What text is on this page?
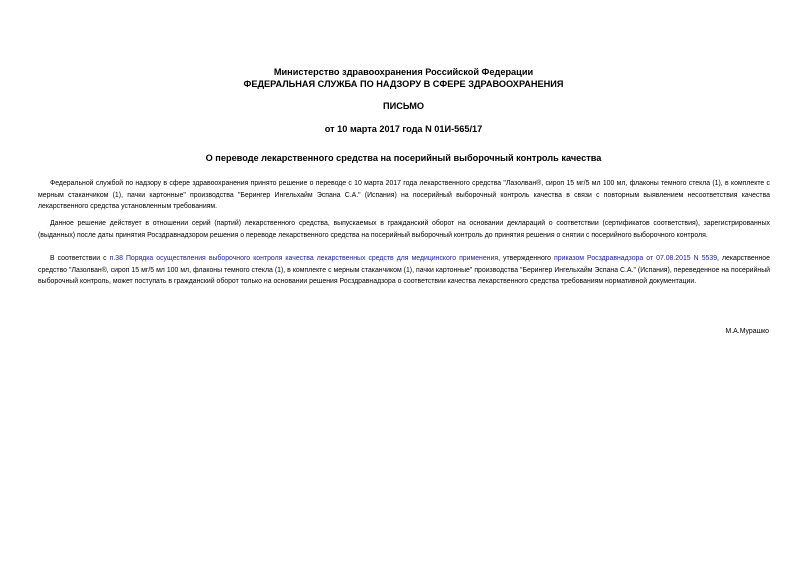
Министерство здравоохранения Российской Федерации
ФЕДЕРАЛЬНАЯ СЛУЖБА ПО НАДЗОРУ В СФЕРЕ ЗДРАВООХРАНЕНИЯ
ПИСЬМО
от 10 марта 2017 года N 01И-565/17
О переводе лекарственного средства на посерийный выборочный контроль качества
Федеральной службой по надзору в сфере здравоохранения принято решение о переводе с 10 марта 2017 года лекарственного средства "Лазолван®, сироп 15 мг/5 мл 100 мл, флаконы темного стекла (1), в комплекте с мерным стаканчиком (1), пачки картонные" производства "Берингер Ингельхайм Эспана С.А." (Испания) на посерийный выборочный контроль качества в связи с повторным выявлением несоответствия качества лекарственного средства установленным требованиям.
Данное решение действует в отношении серий (партий) лекарственного средства, выпускаемых в гражданский оборот на основании деклараций о соответствии (сертификатов соответствия), зарегистрированных (выданных) после даты принятия Росздравнадзором решения о переводе лекарственного средства на посерийный выборочный контроль до принятия решения о снятии с посерийного выборочного контроля.
В соответствии с п.38 Порядка осуществления выборочного контроля качества лекарственных средств для медицинского применения, утвержденного приказом Росздравнадзора от 07.08.2015 N 5539, лекарственное средство "Лазолван®, сироп 15 мг/5 мл 100 мл, флаконы темного стекла (1), в комплекте с мерным стаканчиком (1), пачки картонные" производства "Берингер Ингельхайм Эспана С.А." (Испания), переведенное на посерийный выборочный контроль, может поступать в гражданский оборот только на основании решения Росздравнадзора о соответствии качества лекарственного средства требованиям нормативной документации.
М.А.Мурашко
